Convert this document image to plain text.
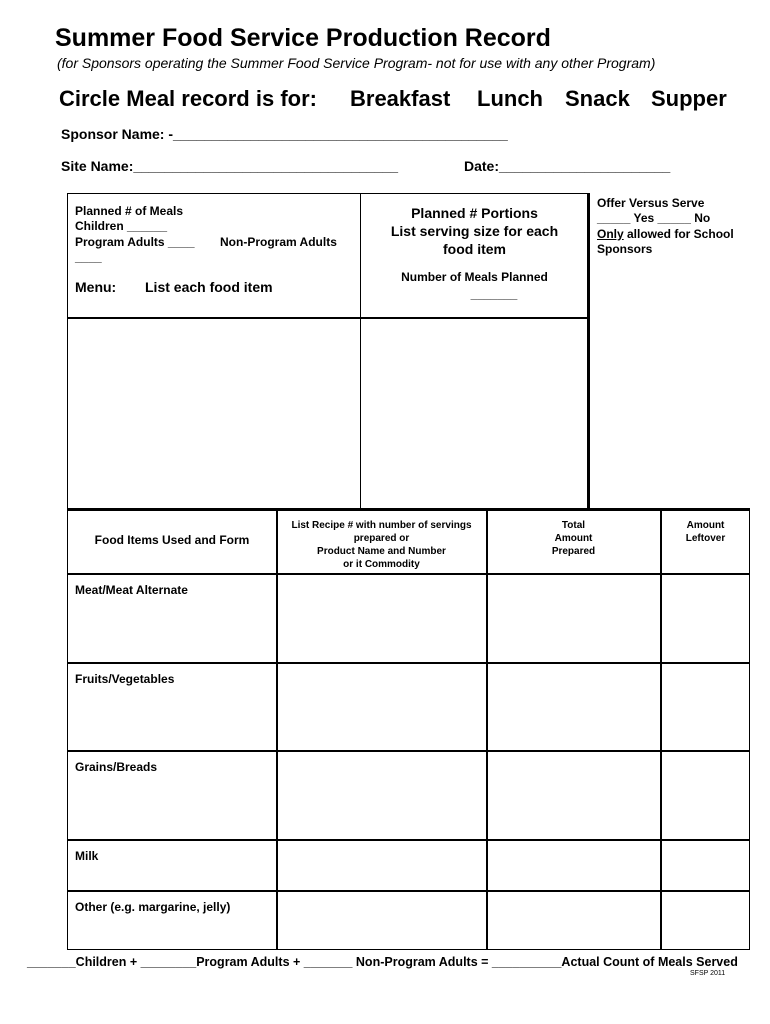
Summer Food Service Production Record
(for Sponsors operating the Summer Food Service Program- not for use with any other Program)
Circle Meal record is for: Breakfast Lunch Snack Supper
Sponsor Name: -___________________________________________
Site Name:__________________________________	Date:______________________
Planned # of Meals
Children ______
Program Adults ____ Non-Program Adults
____
Menu: List each food item
Planned # Portions
List serving size for each
food item
Number of Meals Planned
_______
Offer Versus Serve
_____ Yes _____ No
Only allowed for School
Sponsors
Food Items Used and Form
List Recipe # with number of servings
prepared or
Product Name and Number
or it Commodity
Total
Amount
Prepared
Amount
Leftover
Meat/Meat Alternate
Fruits/Vegetables
Grains/Breads
Milk
Other (e.g. margarine, jelly)
_______Children + ________Program Adults + _______ Non-Program Adults = __________Actual Count of Meals Served
SFSP 2011
